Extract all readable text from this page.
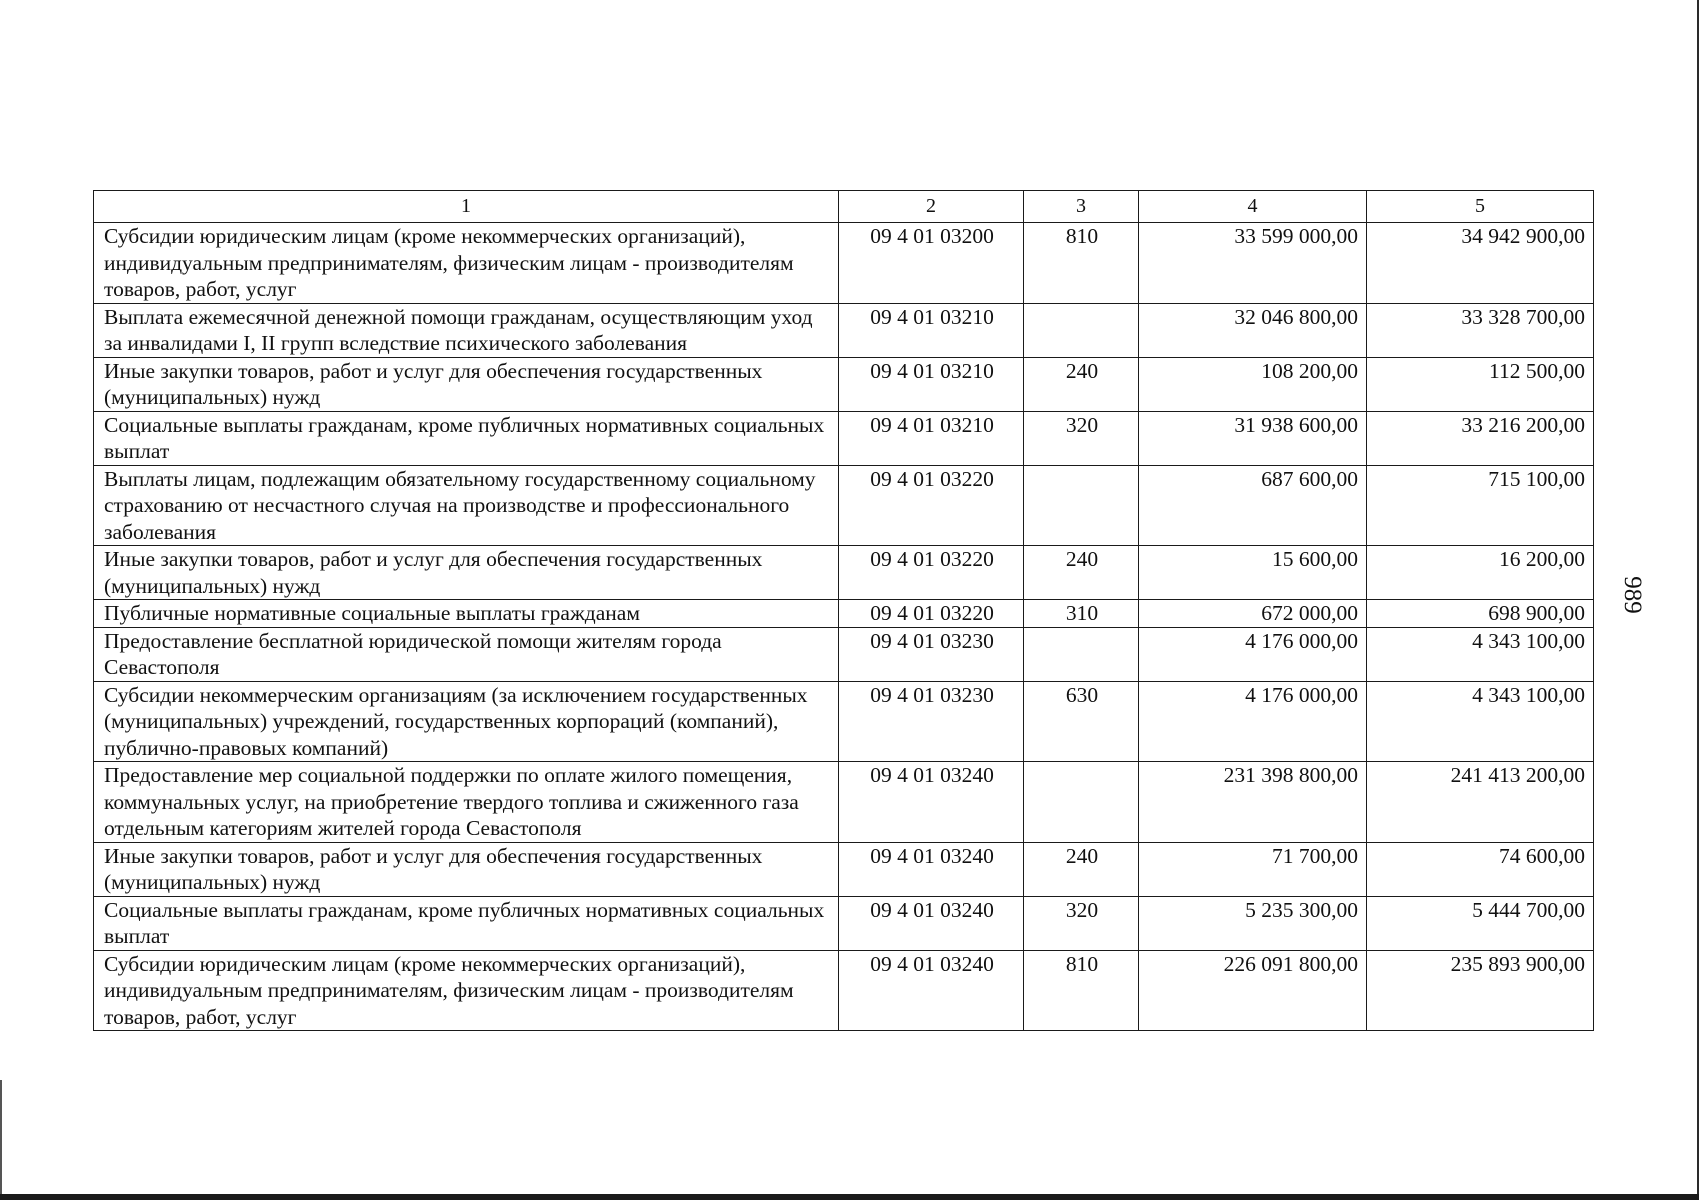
989
1	2	3	4	5
Субсидии юридическим лицам (кроме некоммерческих организаций), индивидуальным предпринимателям, физическим лицам - производителям товаров, работ, услуг	09 4 01 03200	810	33 599 000,00	34 942 900,00
Выплата ежемесячной денежной помощи гражданам, осуществляющим уход за инвалидами I, II групп вследствие психического заболевания	09 4 01 03210		32 046 800,00	33 328 700,00
Иные закупки товаров, работ и услуг для обеспечения государственных (муниципальных) нужд	09 4 01 03210	240	108 200,00	112 500,00
Социальные выплаты гражданам, кроме публичных нормативных социальных выплат	09 4 01 03210	320	31 938 600,00	33 216 200,00
Выплаты лицам, подлежащим обязательному государственному социальному страхованию от несчастного случая на производстве и профессионального заболевания	09 4 01 03220		687 600,00	715 100,00
Иные закупки товаров, работ и услуг для обеспечения государственных (муниципальных) нужд	09 4 01 03220	240	15 600,00	16 200,00
Публичные нормативные социальные выплаты гражданам	09 4 01 03220	310	672 000,00	698 900,00
Предоставление бесплатной юридической помощи жителям города Севастополя	09 4 01 03230		4 176 000,00	4 343 100,00
Субсидии некоммерческим организациям (за исключением государственных (муниципальных) учреждений, государственных корпораций (компаний), публично-правовых компаний)	09 4 01 03230	630	4 176 000,00	4 343 100,00
Предоставление мер социальной поддержки по оплате жилого помещения, коммунальных услуг, на приобретение твердого топлива и сжиженного газа отдельным категориям жителей города Севастополя	09 4 01 03240		231 398 800,00	241 413 200,00
Иные закупки товаров, работ и услуг для обеспечения государственных (муниципальных) нужд	09 4 01 03240	240	71 700,00	74 600,00
Социальные выплаты гражданам, кроме публичных нормативных социальных выплат	09 4 01 03240	320	5 235 300,00	5 444 700,00
Субсидии юридическим лицам (кроме некоммерческих организаций), индивидуальным предпринимателям, физическим лицам - производителям товаров, работ, услуг	09 4 01 03240	810	226 091 800,00	235 893 900,00
